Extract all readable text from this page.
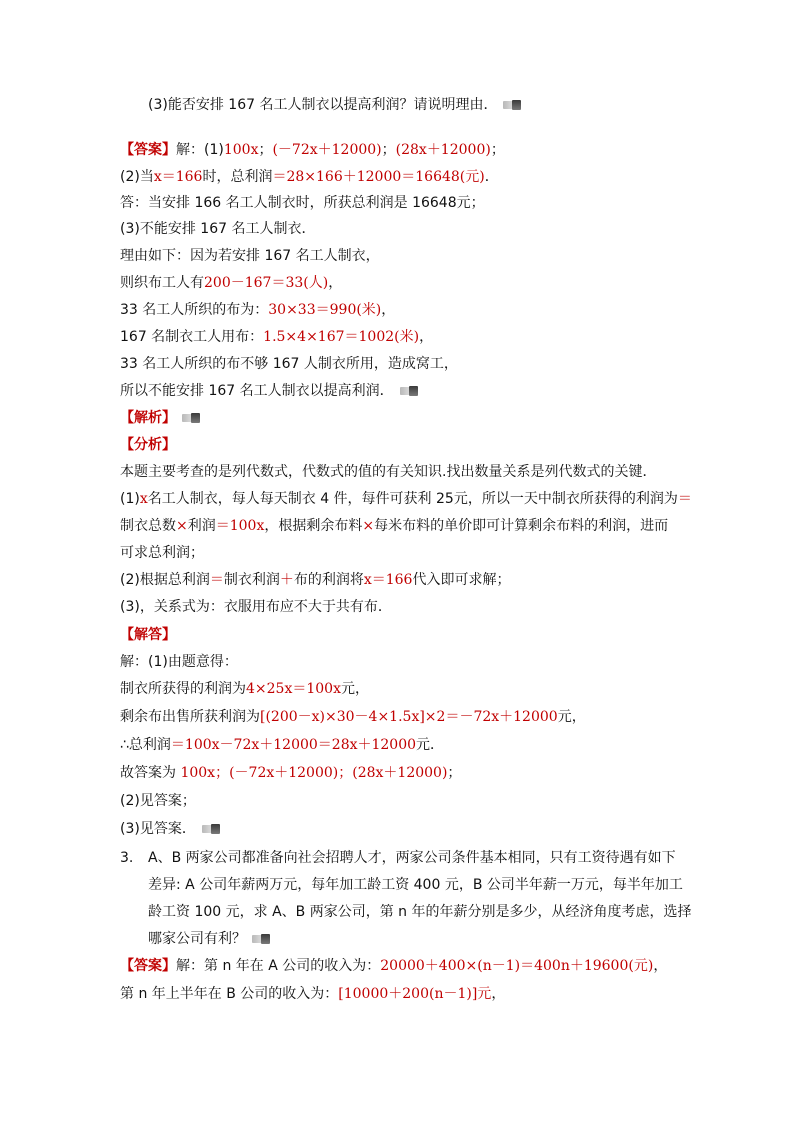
(3)能否安排 167 名工人制衣以提高利润？请说明理由．
【答案】解：(1)100x；(－72x＋12000)；(28x＋12000)；
(2)当x＝166时，总利润＝28×166＋12000＝16648(元)．
答：当安排 166 名工人制衣时，所获总利润是 16648元；
(3)不能安排 167 名工人制衣．
理由如下：因为若安排 167 名工人制衣，
则织布工人有200－167＝33(人)，
33 名工人所织的布为：30×33＝990(米)，
167 名制衣工人用布：1.5×4×167＝1002(米)，
33 名工人所织的布不够 167 人制衣所用，造成窝工，
所以不能安排 167 名工人制衣以提高利润．
【解析】
【分析】
本题主要考查的是列代数式，代数式的值的有关知识.找出数量关系是列代数式的关键．
(1)x名工人制衣，每人每天制衣 4 件，每件可获利 25元，所以一天中制衣所获得的利润为＝
制衣总数×利润＝100x，根据剩余布料×每米布料的单价即可计算剩余布料的利润，进而
可求总利润；
(2)根据总利润＝制衣利润＋布的利润将x＝166代入即可求解；
(3)，关系式为：衣服用布应不大于共有布．
【解答】
解：(1)由题意得：
制衣所获得的利润为4×25x＝100x元，
剩余布出售所获利润为[(200－x)×30－4×1.5x]×2＝－72x＋12000元，
∴总利润＝100x－72x＋12000＝28x＋12000元．
故答案为 100x；(－72x＋12000)；(28x＋12000)；
(2)见答案；
(3)见答案．
3.	A、B 两家公司都准备向社会招聘人才，两家公司条件基本相同，只有工资待遇有如下
差异: A 公司年薪两万元，每年加工龄工资 400 元，B 公司半年薪一万元，每半年加工
龄工资 100 元，求 A、B 两家公司，第 n 年的年薪分别是多少，从经济角度考虑，选择
哪家公司有利？
【答案】解：第 n 年在 A 公司的收入为：20000＋400×(n－1)＝400n＋19600(元)，
第 n 年上半年在 B 公司的收入为：[10000＋200(n－1)]元，
